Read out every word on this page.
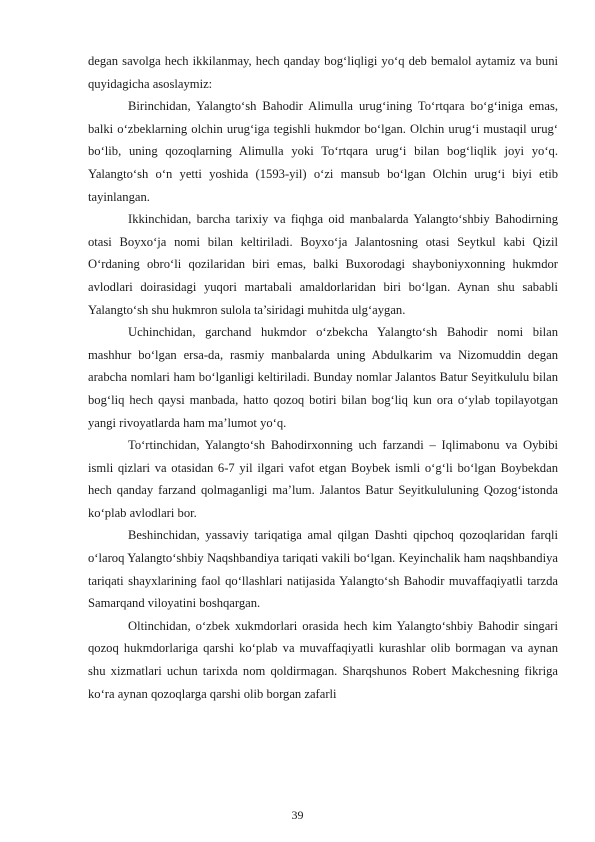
degan savolga hech ikkilanmay, hech qanday bog‘liqligi yo‘q deb bemalol aytamiz va buni quyidagicha asoslaymiz:

Birinchidan, Yalangto‘sh Bahodir Alimulla urug‘ining To‘rtqara bo‘g‘iniga emas, balki o‘zbeklarning olchin urug‘iga tegishli hukmdor bo‘lgan. Olchin urug‘i mustaqil urug‘ bo‘lib, uning qozoqlarning Alimulla yoki To‘rtqara urug‘i bilan bog‘liqlik joyi yo‘q. Yalangto‘sh o‘n yetti yoshida (1593-yil) o‘zi mansub bo‘lgan Olchin urug‘i biyi etib tayinlangan.

Ikkinchidan, barcha tarixiy va fiqhga oid manbalarda Yalangto‘shbiy Bahodirning otasi Boyxo‘ja nomi bilan keltiriladi. Boyxo‘ja Jalantosning otasi Seytkul kabi Qizil O‘rdaning obro‘li qozilaridan biri emas, balki Buxorodagi shayboniyxonning hukmdor avlodlari doirasidagi yuqori martabali amaldorlaridan biri bo‘lgan. Aynan shu sababli Yalangto‘sh shu hukmron sulola ta’siridagi muhitda ulg‘aygan.

Uchinchidan, garchand hukmdor o‘zbekcha Yalangto‘sh Bahodir nomi bilan mashhur bo‘lgan ersa-da, rasmiy manbalarda uning Abdulkarim va Nizomuddin degan arabcha nomlari ham bo‘lganligi keltiriladi. Bunday nomlar Jalantos Batur Seyitkululu bilan bog‘liq hech qaysi manbada, hatto qozoq botiri bilan bog‘liq kun ora o‘ylab topilayotgan yangi rivoyatlarda ham ma’lumot yo‘q.

To‘rtinchidan, Yalangto‘sh Bahodirxonning uch farzandi – Iqlimabonu va Oybibi ismli qizlari va otasidan 6-7 yil ilgari vafot etgan Boybek ismli o‘g‘li bo‘lgan Boybekdan hech qanday farzand qolmaganligi ma’lum. Jalantos Batur Seyitkululuning Qozog‘istonda ko‘plab avlodlari bor.

Beshinchidan, yassaviy tariqatiga amal qilgan Dashti qipchoq qozoqlaridan farqli o‘laroq Yalangto‘shbiy Naqshbandiya tariqati vakili bo‘lgan. Keyinchalik ham naqshbandiya tariqati shayxlarining faol qo‘llashlari natijasida Yalangto‘sh Bahodir muvaffaqiyatli tarzda Samarqand viloyatini boshqargan.

Oltinchidan, o‘zbek xukmdorlari orasida hech kim Yalangto‘shbiy Bahodir singari qozoq hukmdorlariga qarshi ko‘plab va muvaffaqiyatli kurashlar olib bormagan va aynan shu xizmatlari uchun tarixda nom qoldirmagan. Sharqshunos Robert Makchesning fikriga ko‘ra aynan qozoqlarga qarshi olib borgan zafarli

39
